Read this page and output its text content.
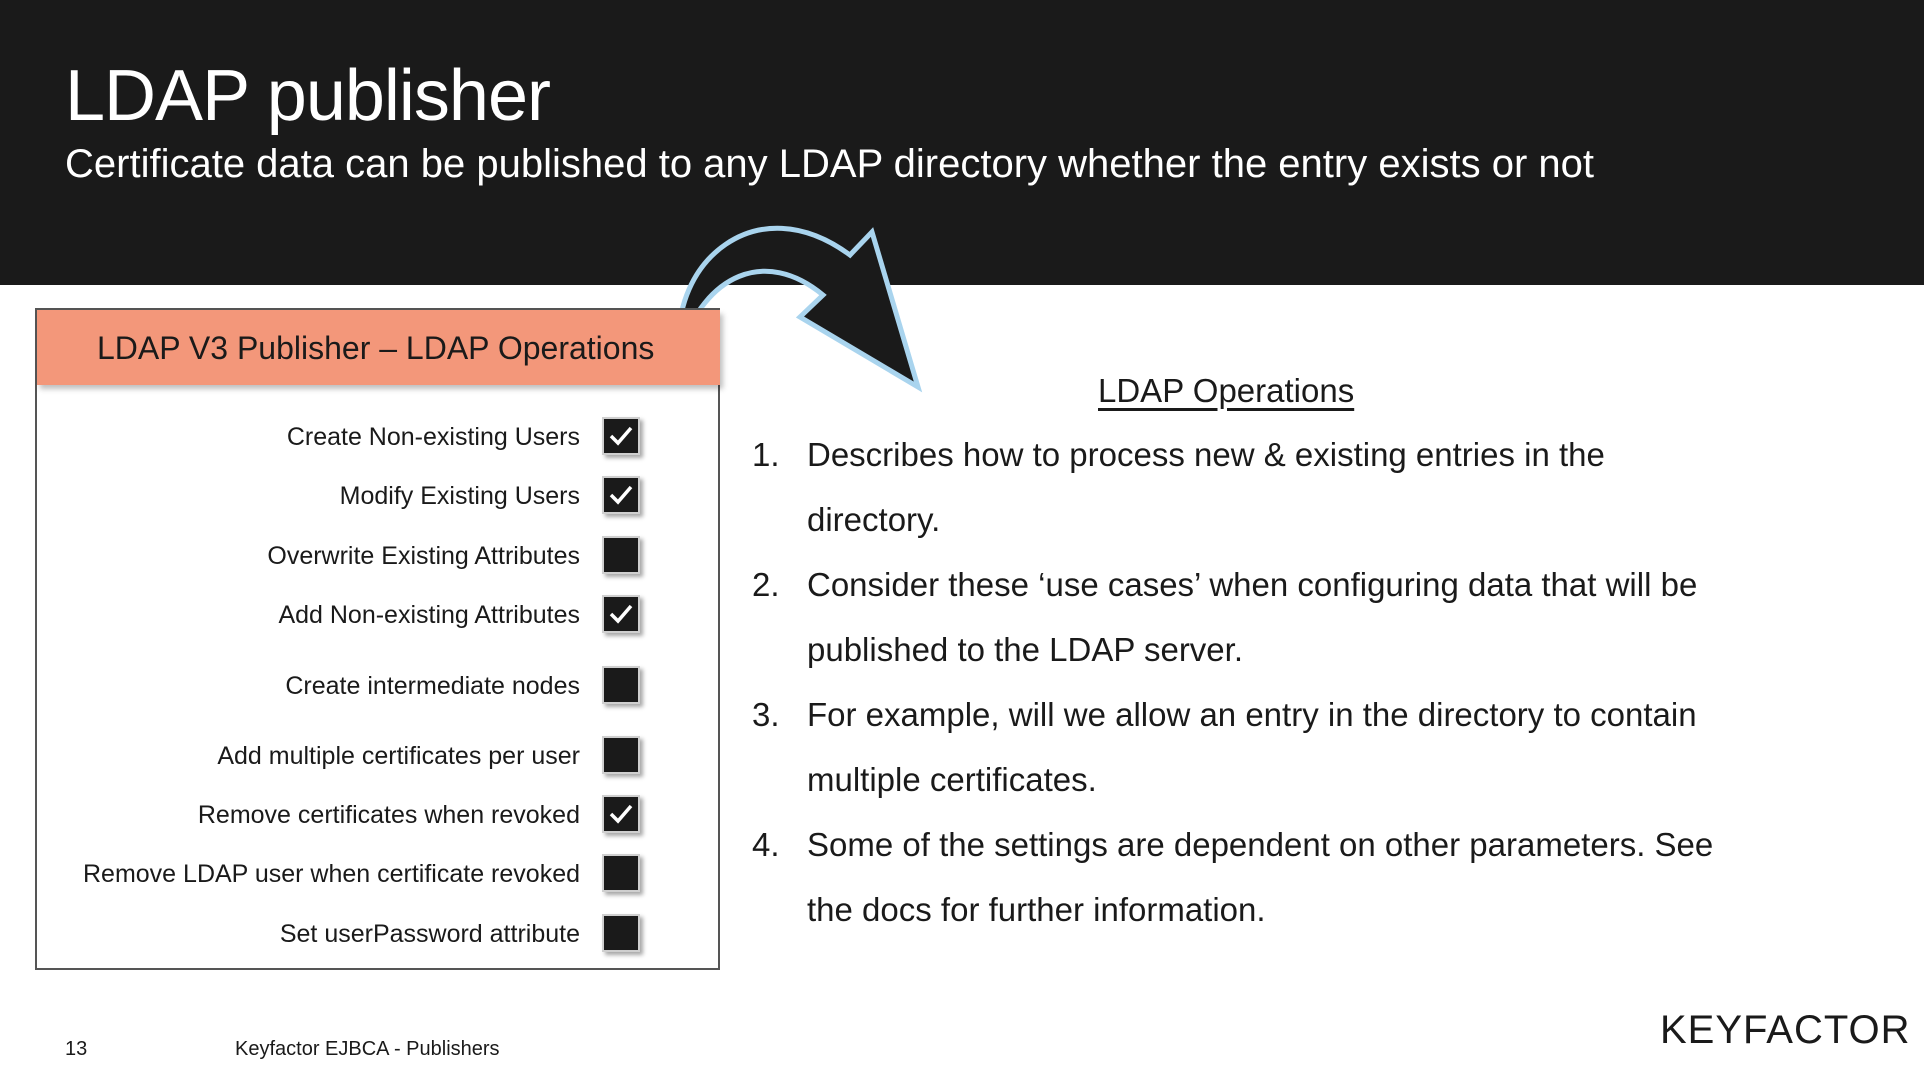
LDAP publisher
Certificate data can be published to any LDAP directory whether the entry exists or not
LDAP V3 Publisher – LDAP Operations
Create Non-existing Users
Modify Existing Users
Overwrite Existing Attributes
Add Non-existing Attributes
Create intermediate nodes
Add multiple certificates per user
Remove certificates when revoked
Remove LDAP user when certificate revoked
Set userPassword attribute
LDAP Operations
1. Describes how to process new & existing entries in the directory.
2. Consider these ‘use cases’ when configuring data that will be published to the LDAP server.
3. For example, will we allow an entry in the directory to contain multiple certificates.
4. Some of the settings are dependent on other parameters. See the docs for further information.
13	Keyfactor EJBCA - Publishers	KEYFACTOR
